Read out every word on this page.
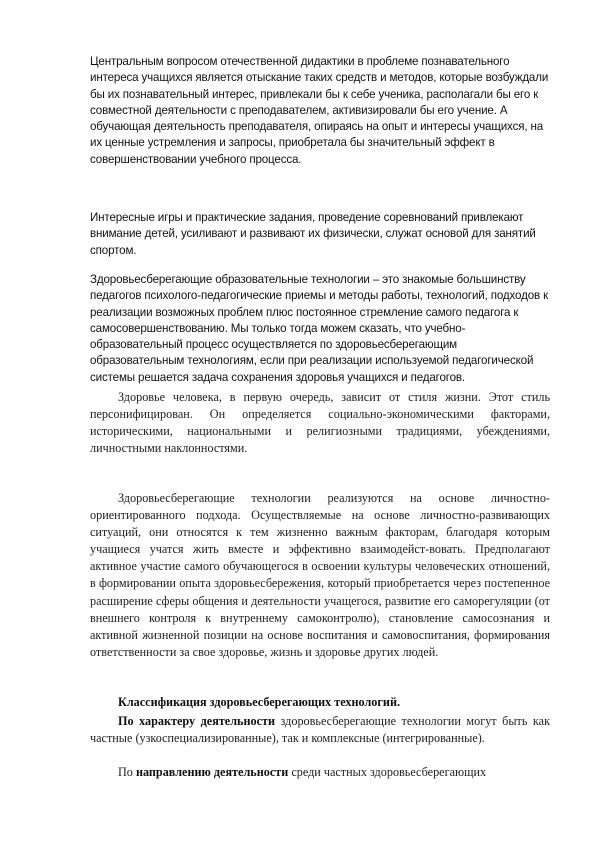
Центральным вопросом отечественной дидактики в проблеме познавательного интереса учащихся является отыскание таких средств и методов, которые возбуждали бы их познавательный интерес, привлекали бы к себе ученика, располагали бы его к совместной деятельности с преподавателем, активизировали бы его учение. А обучающая деятельность преподавателя, опираясь на опыт и интересы учащихся, на их ценные устремления и запросы, приобретала бы значительный эффект в совершенствовании учебного процесса.

Интересные игры и практические задания, проведение соревнований привлекают внимание детей, усиливают и развивают их физически, служат основой для занятий спортом.

Здоровьесберегающие образовательные технологии – это знакомые большинству педагогов психолого-педагогические приемы и методы работы, технологий, подходов к реализации возможных проблем плюс постоянное стремление самого педагога к самосовершенствованию. Мы только тогда можем сказать, что учебно-образовательный процесс осуществляется по здоровьесберегающим образовательным технологиям, если при реализации используемой педагогической системы решается задача сохранения здоровья учащихся и педагогов.

Здоровье человека, в первую очередь, зависит от стиля жизни. Этот стиль персонифицирован. Он определяется социально-экономическими факторами, историческими, национальными и религиозными традициями, убеждениями, личностными наклонностями.

Здоровьесберегающие технологии реализуются на основе личностно-ориентированного подхода. Осуществляемые на основе личностно-развивающих ситуаций, они относятся к тем жизненно важным факторам, благодаря которым учащиеся учатся жить вместе и эффективно взаимодейст-вовать. Предполагают активное участие самого обучающегося в освоении культуры человеческих отношений, в формировании опыта здоровьесбережения, который приобретается через постепенное расширение сферы общения и деятельности учащегося, развитие его саморегуляции (от внешнего контроля к внутреннему самоконтролю), становление самосознания и активной жизненной позиции на основе воспитания и самовоспитания, формирования ответственности за свое здоровье, жизнь и здоровье других людей.

Классификация здоровьесберегающих технологий.

По характеру деятельности здоровьесберегающие технологии могут быть как частные (узкоспециализированные), так и комплексные (интегрированные).

По направлению деятельности среди частных здоровьесберегающих
